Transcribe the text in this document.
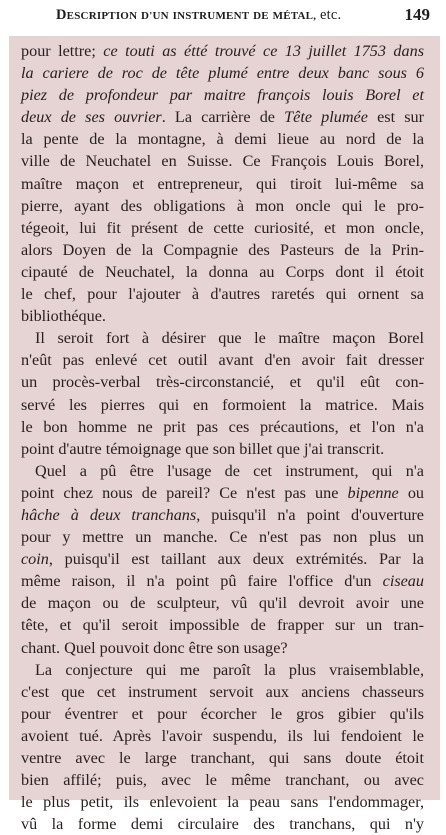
DESCRIPTION D'UN INSTRUMENT DE MÉTAL, etc.	149
pour lettre; ce touti as étté trouvé ce 13 juillet 1753 dans
la cariere de roc de tête plumé entre deux banc sous 6
piez de profondeur par maitre françois louis Borel et
deux de ses ouvrier. La carrière de Tête plumée est sur
la pente de la montagne, à demi lieue au nord de la
ville de Neuchatel en Suisse. Ce François Louis Borel,
maître maçon et entrepreneur, qui tiroit lui-même sa
pierre, ayant des obligations à mon oncle qui le pro-
tégeoit, lui fit présent de cette curiosité, et mon oncle,
alors Doyen de la Compagnie des Pasteurs de la Prin-
cipauté de Neuchatel, la donna au Corps dont il étoit
le chef, pour l'ajouter à d'autres raretés qui ornent sa
bibliothéque.
Il seroit fort à désirer que le maître maçon Borel
n'eût pas enlevé cet outil avant d'en avoir fait dresser
un procès-verbal très-circonstancié, et qu'il eût con-
servé les pierres qui en formoient la matrice. Mais
le bon homme ne prit pas ces précautions, et l'on n'a
point d'autre témoignage que son billet que j'ai transcrit.
Quel a pû être l'usage de cet instrument, qui n'a
point chez nous de pareil? Ce n'est pas une bipenne ou
hâche à deux tranchans, puisqu'il n'a point d'ouverture
pour y mettre un manche. Ce n'est pas non plus un
coin, puisqu'il est taillant aux deux extrémités. Par la
même raison, il n'a point pû faire l'office d'un ciseau
de maçon ou de sculpteur, vû qu'il devroit avoir une
tête, et qu'il seroit impossible de frapper sur un tran-
chant. Quel pouvoit donc être son usage?
La conjecture qui me paroît la plus vraisemblable,
c'est que cet instrument servoit aux anciens chasseurs
pour éventrer et pour écorcher le gros gibier qu'ils
avoient tué. Après l'avoir suspendu, ils lui fendoient le
ventre avec le large tranchant, qui sans doute étoit
bien affilé; puis, avec le même tranchant, ou avec
le plus petit, ils enlevoient la peau sans l'endommager,
vû la forme demi circulaire des tranchans, qui n'y
